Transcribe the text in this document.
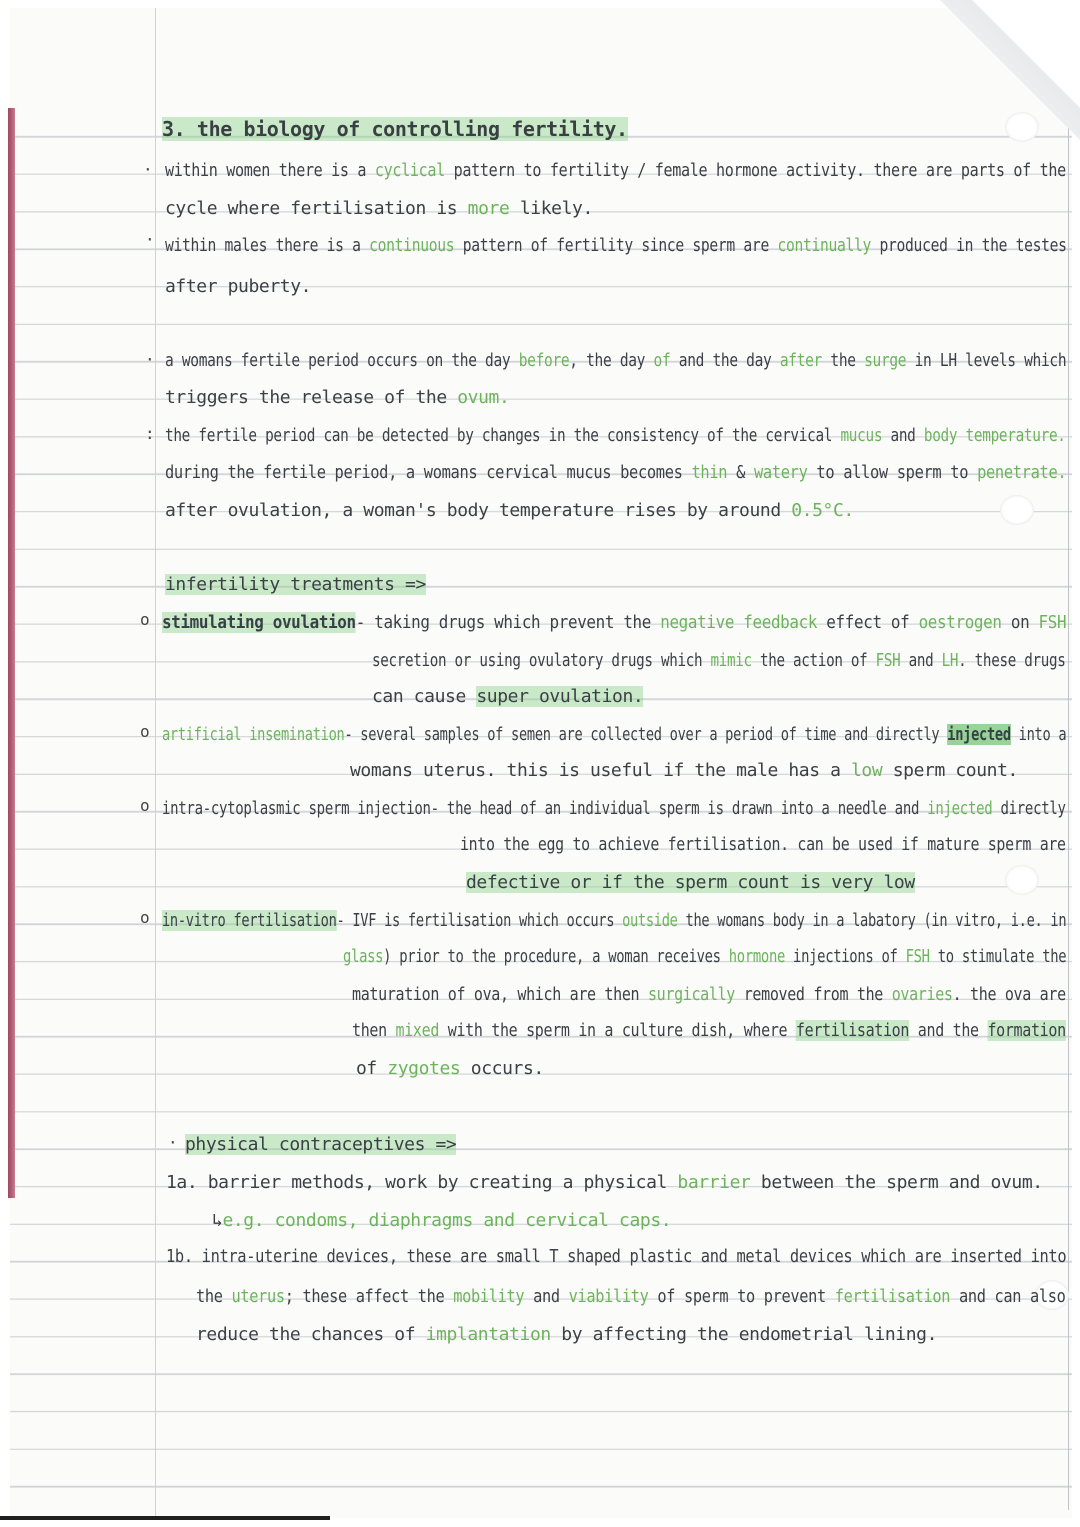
3. the biology of controlling fertility.
· within women there is a cyclical pattern to fertility / female hormone activity. there are parts of the
cycle where fertilisation is more likely.
· within males there is a continuous pattern of fertility since sperm are continually produced in the testes
after puberty.
· a womans fertile period occurs on the day before, the day of and the day after the surge in LH levels which
triggers the release of the ovum.
: the fertile period can be detected by changes in the consistency of the cervical mucus and body temperature.
during the fertile period, a womans cervical mucus becomes thin & watery to allow sperm to penetrate.
after ovulation, a woman's body temperature rises by around 0.5°C.
infertility treatments =>
o stimulating ovulation- taking drugs which prevent the negative feedback effect of oestrogen on FSH
secretion or using ovulatory drugs which mimic the action of FSH and LH. these drugs
can cause super ovulation.
o artificial insemination- several samples of semen are collected over a period of time and directly injected into a
womans uterus. this is useful if the male has a low sperm count.
o intra-cytoplasmic sperm injection- the head of an individual sperm is drawn into a needle and injected directly
into the egg to achieve fertilisation. can be used if mature sperm are
defective or if the sperm count is very low
o in-vitro fertilisation- IVF is fertilisation which occurs outside the womans body in a labatory (in vitro, i.e. in
glass) prior to the procedure, a woman receives hormone injections of FSH to stimulate the
maturation of ova, which are then surgically removed from the ovaries. the ova are
then mixed with the sperm in a culture dish, where fertilisation and the formation
of zygotes occurs.
· physical contraceptives =>
1a. barrier methods, work by creating a physical barrier between the sperm and ovum.
↳e.g. condoms, diaphragms and cervical caps.
1b. intra-uterine devices, these are small T shaped plastic and metal devices which are inserted into
the uterus; these affect the mobility and viability of sperm to prevent fertilisation and can also
reduce the chances of implantation by affecting the endometrial lining.
